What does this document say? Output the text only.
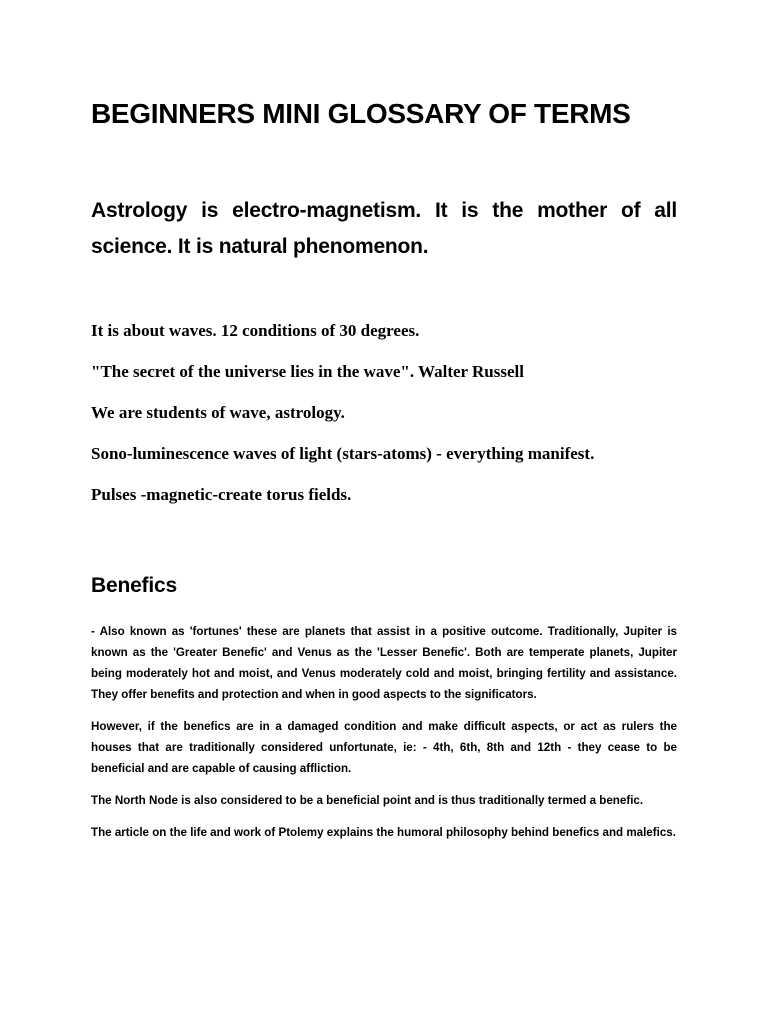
BEGINNERS MINI GLOSSARY OF TERMS
Astrology is electro-magnetism. It is the mother of all science. It is natural phenomenon.
It is about waves. 12 conditions of 30 degrees.
"The secret of the universe lies in the wave". Walter Russell
We are students of wave, astrology.
Sono-luminescence waves of light (stars-atoms) - everything manifest.
Pulses -magnetic-create torus fields.
Benefics

- Also known as 'fortunes' these are planets that assist in a positive outcome. Traditionally, Jupiter is known as the 'Greater Benefic' and Venus as the 'Lesser Benefic'. Both are temperate planets, Jupiter being moderately hot and moist, and Venus moderately cold and moist, bringing fertility and assistance. They offer benefits and protection and when in good aspects to the significators.

However, if the benefics are in a damaged condition and make difficult aspects, or act as rulers the houses that are traditionally considered unfortunate, ie: - 4th, 6th, 8th and 12th - they cease to be beneficial and are capable of causing affliction.

The North Node is also considered to be a beneficial point and is thus traditionally termed a benefic.

The article on the life and work of Ptolemy explains the humoral philosophy behind benefics and malefics.
